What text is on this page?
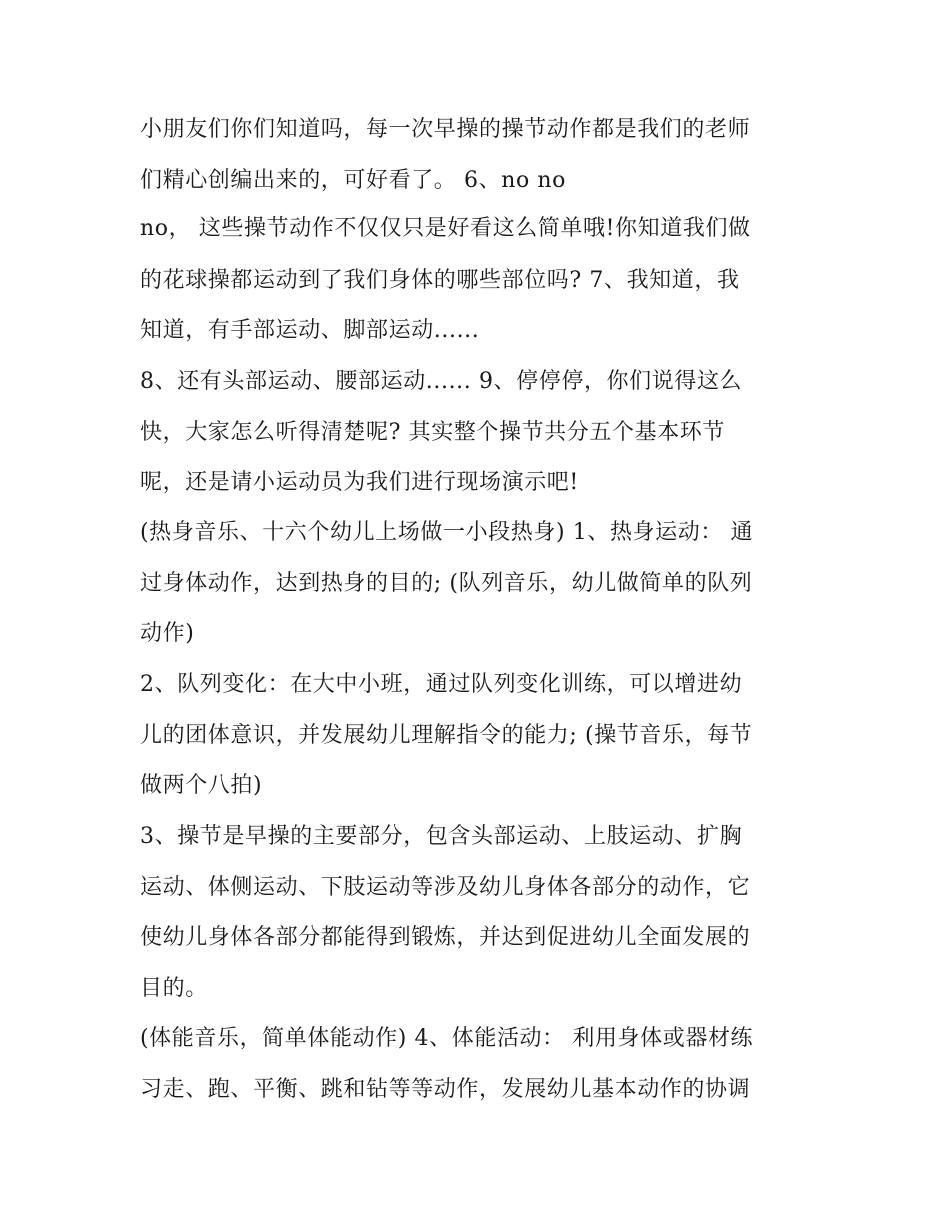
小朋友们你们知道吗，每一次早操的操节动作都是我们的老师
们精心创编出来的，可好看了。 6、no no
no， 这些操节动作不仅仅只是好看这么简单哦!你知道我们做
的花球操都运动到了我们身体的哪些部位吗? 7、我知道，我
知道，有手部运动、脚部运动......
8、还有头部运动、腰部运动...... 9、停停停，你们说得这么
快，大家怎么听得清楚呢? 其实整个操节共分五个基本环节
呢，还是请小运动员为我们进行现场演示吧!
(热身音乐、十六个幼儿上场做一小段热身) 1、热身运动： 通
过身体动作，达到热身的目的; (队列音乐，幼儿做简单的队列
动作)
2、队列变化：在大中小班，通过队列变化训练，可以增进幼
儿的团体意识，并发展幼儿理解指令的能力; (操节音乐，每节
做两个八拍)
3、操节是早操的主要部分，包含头部运动、上肢运动、扩胸
运动、体侧运动、下肢运动等涉及幼儿身体各部分的动作，它
使幼儿身体各部分都能得到锻炼，并达到促进幼儿全面发展的
目的。
(体能音乐，简单体能动作) 4、体能活动： 利用身体或器材练
习走、跑、平衡、跳和钻等等动作，发展幼儿基本动作的协调
